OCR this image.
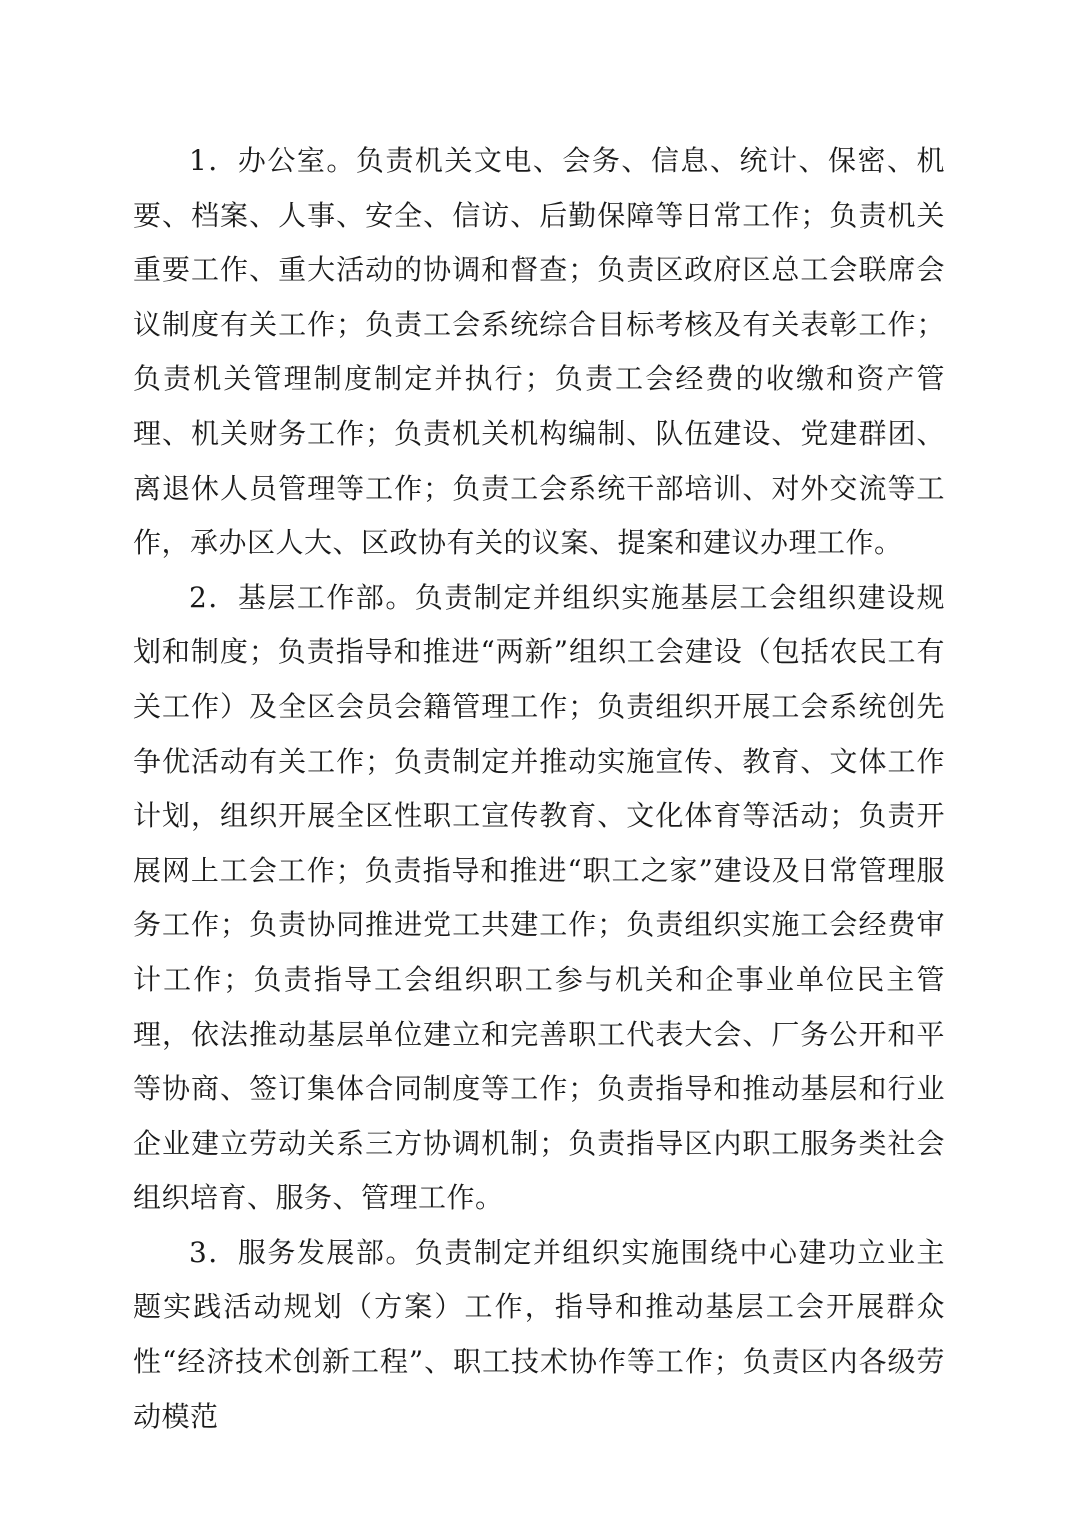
1．办公室。负责机关文电、会务、信息、统计、保密、机要、档案、人事、安全、信访、后勤保障等日常工作；负责机关重要工作、重大活动的协调和督查；负责区政府区总工会联席会议制度有关工作；负责工会系统综合目标考核及有关表彰工作；负责机关管理制度制定并执行；负责工会经费的收缴和资产管理、机关财务工作；负责机关机构编制、队伍建设、党建群团、离退休人员管理等工作；负责工会系统干部培训、对外交流等工作，承办区人大、区政协有关的议案、提案和建议办理工作。

2．基层工作部。负责制定并组织实施基层工会组织建设规划和制度；负责指导和推进“两新”组织工会建设（包括农民工有关工作）及全区会员会籍管理工作；负责组织开展工会系统创先争优活动有关工作；负责制定并推动实施宣传、教育、文体工作计划，组织开展全区性职工宣传教育、文化体育等活动；负责开展网上工会工作；负责指导和推进“职工之家”建设及日常管理服务工作；负责协同推进党工共建工作；负责组织实施工会经费审计工作；负责指导工会组织职工参与机关和企事业单位民主管理，依法推动基层单位建立和完善职工代表大会、厂务公开和平等协商、签订集体合同制度等工作；负责指导和推动基层和行业企业建立劳动关系三方协调机制；负责指导区内职工服务类社会组织培育、服务、管理工作。

3．服务发展部。负责制定并组织实施围绕中心建功立业主题实践活动规划（方案）工作，指导和推动基层工会开展群众性“经济技术创新工程”、职工技术协作等工作；负责区内各级劳动模范
